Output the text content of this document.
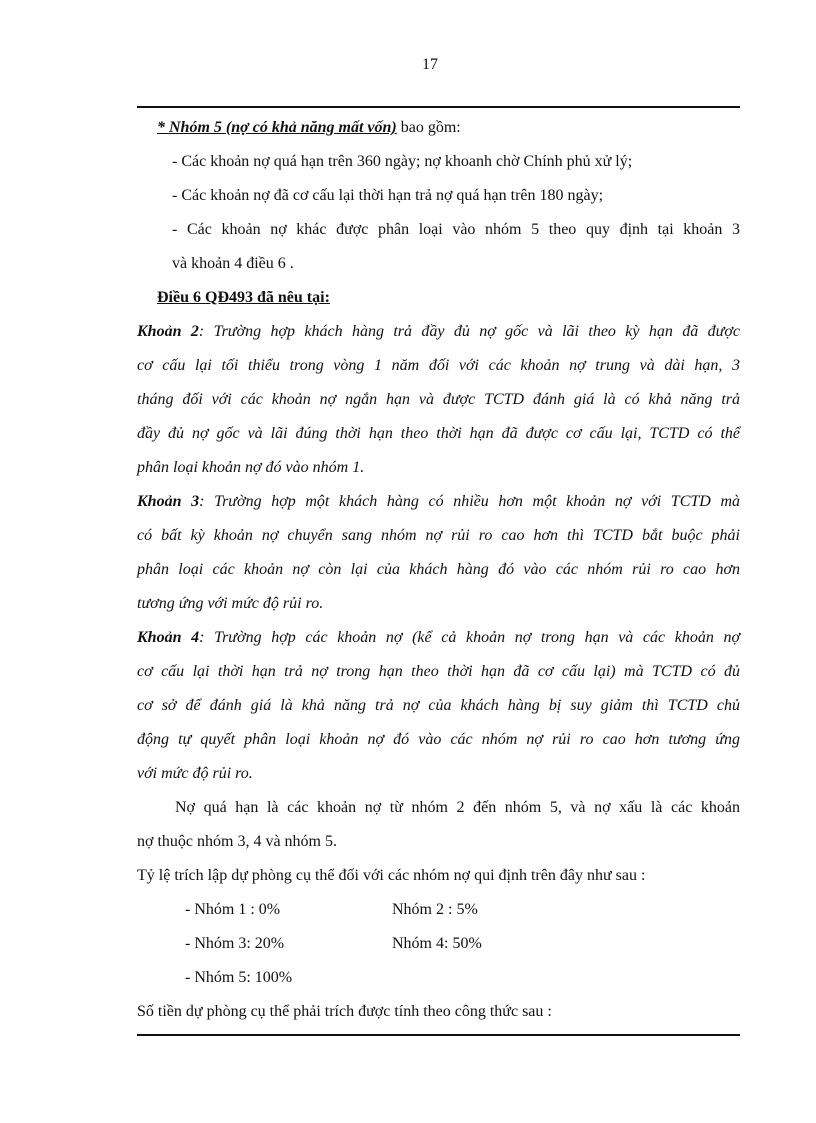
17
* Nhóm 5 (nợ có khả năng mất vốn) bao gồm:
- Các khoản nợ quá hạn trên 360 ngày; nợ khoanh chờ Chính phủ xử lý;
- Các khoản nợ đã cơ cấu lại thời hạn trả nợ quá hạn trên 180 ngày;
- Các khoản nợ khác được phân loại vào nhóm 5 theo quy định tại khoản 3
và khoản 4 điều 6 .
Điều 6 QĐ493 đã nêu tại:
Khoản 2: Trường hợp khách hàng trả đầy đủ nợ gốc và lãi theo kỳ hạn đã được
cơ cấu lại tối thiểu trong vòng 1 năm đối với các khoản nợ trung và dài hạn, 3
tháng đối với các khoản nợ ngắn hạn và được TCTD đánh giá là có khả năng trả
đầy đủ nợ gốc và lãi đúng thời hạn theo thời hạn đã được cơ cấu lại, TCTD có thể
phân loại khoản nợ đó vào nhóm 1.
Khoản 3: Trường hợp một khách hàng có nhiều hơn một khoản nợ với TCTD mà
có bất kỳ khoản nợ chuyển sang nhóm nợ rủi ro cao hơn thì TCTD bắt buộc phải
phân loại các khoản nợ còn lại của khách hàng đó vào các nhóm rủi ro cao hơn
tương ứng với mức độ rủi ro.
Khoản 4: Trường hợp các khoản nợ (kể cả khoản nợ trong hạn và các khoản nợ
cơ cấu lại thời hạn trả nợ trong hạn theo thời hạn đã cơ cấu lại) mà TCTD có đủ
cơ sở để đánh giá là khả năng trả nợ của khách hàng bị suy giảm thì TCTD chủ
động tự quyết phân loại khoản nợ đó vào các nhóm nợ rủi ro cao hơn tương ứng
với mức độ rủi ro.
Nợ quá hạn là các khoản nợ từ nhóm 2 đến nhóm 5, và nợ xấu là các khoản
nợ thuộc nhóm 3, 4 và nhóm 5.
Tỷ lệ trích lập dự phòng cụ thể đối với các nhóm nợ qui định trên đây như sau :
- Nhóm 1 : 0%	Nhóm 2 : 5%
- Nhóm 3: 20%	Nhóm 4: 50%
- Nhóm 5: 100%
Số tiền dự phòng cụ thể phải trích được tính theo công thức sau :
